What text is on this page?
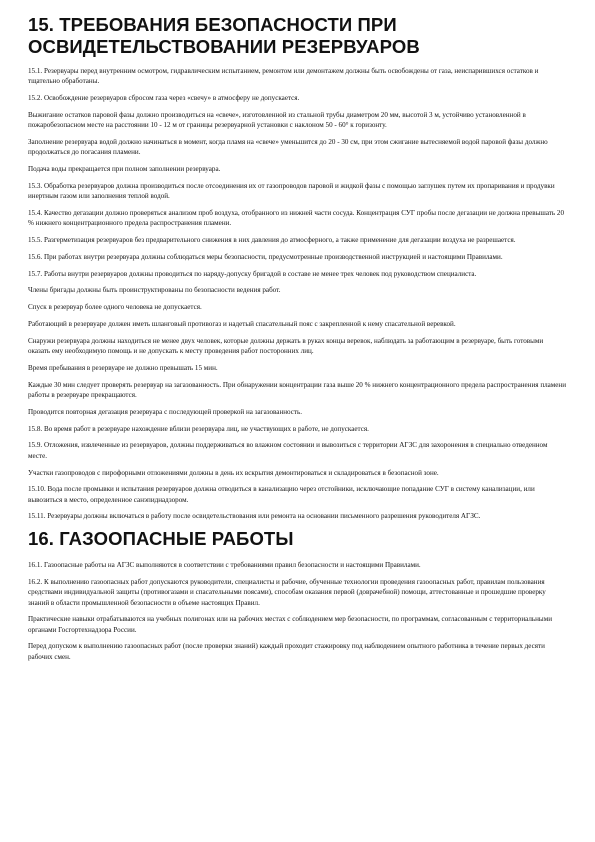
15. ТРЕБОВАНИЯ БЕЗОПАСНОСТИ ПРИ ОСВИДЕТЕЛЬСТВОВАНИИ РЕЗЕРВУАРОВ

15.1. Резервуары перед внутренним осмотром, гидравлическим испытанием, ремонтом или демонтажем должны быть освобождены от газа, неиспарившихся остатков и тщательно обработаны.

15.2. Освобождение резервуаров сбросом газа через «свечу» в атмосферу не допускается.

Выжигание остатков паровой фазы должно производиться на «свече», изготовленной из стальной трубы диаметром 20 мм, высотой 3 м, устойчиво установленной в пожаробезопасном месте на расстоянии 10 - 12 м от границы резервуарной установки с наклоном 50 - 60° к горизонту.

Заполнение резервуара водой должно начинаться в момент, когда пламя на «свече» уменьшится до 20 - 30 см, при этом сжигание вытесняемой водой паровой фазы должно продолжаться до погасания пламени.

Подача воды прекращается при полном заполнении резервуара.

15.3. Обработка резервуаров должна производиться после отсоединения их от газопроводов паровой и жидкой фазы с помощью заглушек путем их пропаривания и продувки инертным газом или заполнения теплой водой.

15.4. Качество дегазации должно проверяться анализом проб воздуха, отобранного из нижней части сосуда. Концентрация СУГ пробы после дегазации не должна превышать 20 % нижнего концентрационного предела распространения пламени.

15.5. Разгерметизация резервуаров без предварительного снижения в них давления до атмосферного, а также применение для дегазации воздуха не разрешается.

15.6. При работах внутри резервуара должны соблюдаться меры безопасности, предусмотренные производственной инструкцией и настоящими Правилами.

15.7. Работы внутри резервуаров должны проводиться по наряду-допуску бригадой в составе не менее трех человек под руководством специалиста.

Члены бригады должны быть проинструктированы по безопасности ведения работ.

Спуск в резервуар более одного человека не допускается.

Работающий в резервуаре должен иметь шланговый противогаз и надетый спасательный пояс с закрепленной к нему спасательной веревкой.

Снаружи резервуара должны находиться не менее двух человек, которые должны держать в руках концы веревок, наблюдать за работающим в резервуаре, быть готовыми оказать ему необходимую помощь и не допускать к месту проведения работ посторонних лиц.

Время пребывания в резервуаре не должно превышать 15 мин.

Каждые 30 мин следует проверять резервуар на загазованность. При обнаружении концентрации газа выше 20 % нижнего концентрационного предела распространения пламени работы в резервуаре прекращаются.

Проводится повторная дегазация резервуара с последующей проверкой на загазованность.

15.8. Во время работ в резервуаре нахождение вблизи резервуара лиц, не участвующих в работе, не допускается.

15.9. Отложения, извлеченные из резервуаров, должны поддерживаться во влажном состоянии и вывозиться с территории АГЗС для захоронения в специально отведенном месте.

Участки газопроводов с пирофорными отложениями должны в день их вскрытия демонтироваться и складироваться в безопасной зоне.

15.10. Вода после промывки и испытания резервуаров должна отводиться в канализацию через отстойники, исключающие попадание СУГ в систему канализации, или вывозиться в место, определенное санэпиднадзором.

15.11. Резервуары должны включаться в работу после освидетельствования или ремонта на основании письменного разрешения руководителя АГЗС.

16. ГАЗООПАСНЫЕ РАБОТЫ

16.1. Газоопасные работы на АГЗС выполняются в соответствии с требованиями правил безопасности и настоящими Правилами.

16.2. К выполнению газоопасных работ допускаются руководители, специалисты и рабочие, обученные технологии проведения газоопасных работ, правилам пользования средствами индивидуальной защиты (противогазами и спасательными поясами), способам оказания первой (доврачебной) помощи, аттестованные и прошедшие проверку знаний в области промышленной безопасности в объеме настоящих Правил.

Практические навыки отрабатываются на учебных полигонах или на рабочих местах с соблюдением мер безопасности, по программам, согласованным с территориальными органами Госгортехнадзора России.

Перед допуском к выполнению газоопасных работ (после проверки знаний) каждый проходит стажировку под наблюдением опытного работника в течение первых десяти рабочих смен.
